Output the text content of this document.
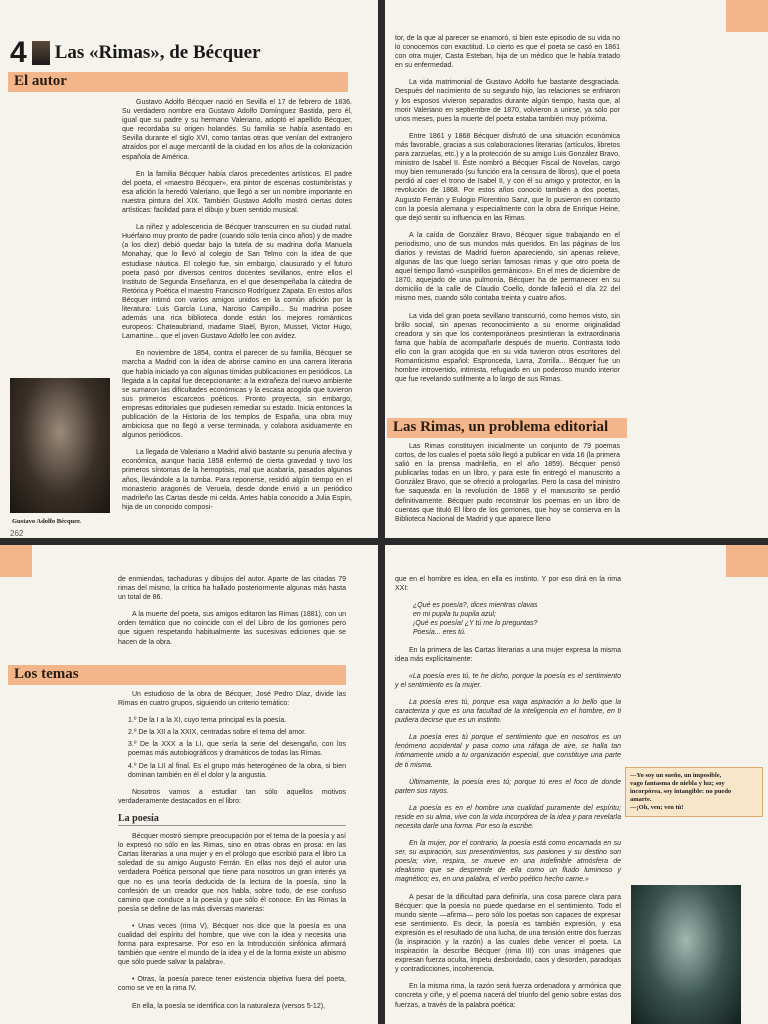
4 Las «Rimas», de Bécquer
El autor

Gustavo Adolfo Bécquer nació en Sevilla el 17 de febrero de 1836. Su verdadero nombre era Gustavo Adolfo Domínguez Bastida, pero él, igual que su padre y su hermano Valeriano, adoptó el apellido Bécquer, que recordaba su origen holandés. Su familia se había asentado en Sevilla durante el siglo XVI, como tantas otras que venían del extranjero atraídos por el auge mercantil de la ciudad en los años de la colonización española de América.

En la familia Bécquer había claros precedentes artísticos. El padre del poeta, el «maestro Bécquer», era pintor de escenas costumbristas y esa afición la heredó Valeriano, que llegó a ser un nombre importante en nuestra pintura del XIX. También Gustavo Adolfo mostró ciertas dotes artísticas: facilidad para el dibujo y buen sentido musical.

La niñez y adolescencia de Bécquer transcurren en su ciudad natal. Huérfano muy pronto de padre (cuando sólo tenía cinco años) y de madre (a los diez) debió quedar bajo la tutela de su madrina doña Manuela Monahay, que lo llevó al colegio de San Telmo con la idea de que estudiase náutica. El colegio fue, sin embargo, clausurado y el futuro poeta pasó por diversos centros docentes sevillanos, entre ellos el Instituto de Segunda Enseñanza, en el que desempeñaba la cátedra de Retórica y Poética el maestro Francisco Rodríguez Zapata. En estos años Bécquer intimó con varios amigos unidos en la común afición por la literatura: Luis García Luna, Narciso Campillo... Su madrina posee además una rica biblioteca donde están los mejores románticos europeos: Chateaubriand, madame Staël, Byron, Musset, Victor Hugo, Lamartine... que el joven Gustavo Adolfo lee con avidez.

En noviembre de 1854, contra el parecer de su familia, Bécquer se marcha a Madrid con la idea de abrirse camino en una carrera literaria que había iniciado ya con algunas tímidas publicaciones en periódicos. La llegada a la capital fue decepcionante: a la extrañeza del nuevo ambiente se sumaron las dificultades económicas y la escasa acogida que tuvieron sus primeros escarceos poéticos. Pronto proyecta, sin embargo, empresas editoriales que pudiesen remediar su estado. Inicia entonces la publicación de la Historia de los templos de España, una obra muy ambiciosa que no llegó a verse terminada, y colabora asiduamente en algunos periódicos.

La llegada de Valeriano a Madrid alivió bastante su penuria afectiva y económica, aunque hacia 1858 enfermó de cierta gravedad y tuvo los primeros síntomas de la hemoptisis, mal que acabaría, pasados algunos años, llevándole a la tumba. Para reponerse, residió algún tiempo en el monasterio aragonés de Veruela, desde donde envió a un periódico madrileño las Cartas desde mi celda. Antes había conocido a Julia Espín, hija de un conocido composi-

Gustavo Adolfo Bécquer.
262

tor, de la que al parecer se enamoró, si bien este episodio de su vida no lo conocemos con exactitud. Lo cierto es que el poeta se casó en 1861 con otra mujer, Casta Esteban, hija de un médico que le había tratado en su enfermedad.

La vida matrimonial de Gustavo Adolfo fue bastante desgraciada. Después del nacimiento de su segundo hijo, las relaciones se enfriaron y los esposos vivieron separados durante algún tiempo, hasta que, al morir Valeriano en septiembre de 1870, volvieron a unirse, ya sólo por unos meses, pues la muerte del poeta estaba también muy próxima.

Entre 1861 y 1868 Bécquer disfrutó de una situación económica más favorable, gracias a sus colaboraciones literarias (artículos, libretos para zarzuelas, etc.) y a la protección de su amigo Luis González Bravo, ministro de Isabel II. Éste nombró a Bécquer Fiscal de Novelas, cargo muy bien remunerado (su función era la censura de libros), que el poeta perdió al caer el trono de Isabel II, y con él su amigo y protector, en la revolución de 1868. Por estos años conoció también a dos poetas, Augusto Ferrán y Eulogio Florentino Sanz, que lo pusieron en contacto con la poesía alemana y especialmente con la obra de Enrique Heine, que dejó sentir su influencia en las Rimas.

A la caída de González Bravo, Bécquer sigue trabajando en el periodismo, uno de sus mundos más queridos. En las páginas de los diarios y revistas de Madrid fueron apareciendo, sin apenas relieve, algunas de las que luego serían famosas rimas y que otro poeta de aquel tiempo llamó «suspirillos germánicos». En el mes de diciembre de 1870, aquejado de una pulmonía, Bécquer ha de permanecer en su domicilio de la calle de Claudio Coello, donde falleció el día 22 del mismo mes, cuando sólo contaba treinta y cuatro años.

La vida del gran poeta sevillano transcurrió, como hemos visto, sin brillo social, sin apenas reconocimiento a su enorme originalidad creadora y sin que los contemporáneos presintieran la extraordinaria fama que había de acompañarle después de muerto. Contrasta todo ello con la gran acogida que en su vida tuvieron otros escritores del Romanticismo español: Espronceda, Larra, Zorrilla... Bécquer fue un hombre introvertido, intimista, refugiado en un poderoso mundo interior que fue revelando sutilmente a lo largo de sus Rimas.

Las Rimas, un problema editorial

Las Rimas constituyen inicialmente un conjunto de 79 poemas cortos, de los cuales el poeta sólo llegó a publicar en vida 16 (la primera salió en la prensa madrileña, en el año 1859). Bécquer pensó publicarlas todas en un libro, y para este fin entregó el manuscrito a González Bravo, que se ofreció a prologarlas. Pero la casa del ministro fue saqueada en la revolución de 1868 y el manuscrito se perdió definitivamente. Bécquer pudo reconstruir los poemas en un libro de cuentas que tituló El libro de los gorriones, que hoy se conserva en la Biblioteca Nacional de Madrid y que aparece lleno

de enmiendas, tachaduras y dibujos del autor. Aparte de las citadas 79 rimas del mismo, la crítica ha hallado posteriormente algunas más hasta un total de 86.

A la muerte del poeta, sus amigos editaron las Rimas (1881), con un orden temático que no coincide con el del Libro de los gorriones pero que siguen respetando habitualmente las sucesivas ediciones que se hacen de la obra.

Los temas

Un estudioso de la obra de Bécquer, José Pedro Díaz, divide las Rimas en cuatro grupos, siguiendo un criterio temático:

1.º De la I a la XI, cuyo tema principal es la poesía.
2.º De la XII a la XXIX, centradas sobre el tema del amor.
3.º De la XXX a la LI, que sería la serie del desengaño, con los poemas más autobiográficos y dramáticos de todas las Rimas.
4.º De la LII al final. Es el grupo más heterogéneo de la obra, si bien dominan también en él el dolor y la angustia.

Nosotros vamos a estudiar tan sólo aquellos motivos verdaderamente destacados en el libro:

La poesía

Bécquer mostró siempre preocupación por el tema de la poesía y así lo expresó no sólo en las Rimas, sino en otras obras en prosa: en las Cartas literarias a una mujer y en el prólogo que escribió para el libro La soledad de su amigo Augusto Ferrán. En ellas nos dejó el autor una verdadera Poética personal que tiene para nosotros un gran interés ya que no es una teoría deducida de la lectura de la poesía, sino la confesión de un creador que nos habla, sobre todo, de ese confuso camino que conduce a la poesía y que sólo él conoce. En las Rimas la poesía se define de las más diversas maneras:

• Unas veces (rima V), Bécquer nos dice que la poesía es una cualidad del espíritu del hombre, que vive con la idea y necesita una forma para expresarse. Por eso en la Introducción sinfónica afirmará también que «entre el mundo de la idea y el de la forma existe un abismo que sólo puede salvar la palabra».

• Otras, la poesía parece tener existencia objetiva fuera del poeta, como se ve en la rima IV.

En ella, la poesía se identifica con la naturaleza (versos 5-12),

que en el hombre es idea, en ella es instinto. Y por eso dirá en la rima XXI:

¿Qué es poesía?, dices mientras clavas
en mi pupila tu pupila azul;
¡Qué es poesía! ¿Y tú me lo preguntas?
Poesía... eres tú.

En la primera de las Cartas literarias a una mujer expresa la misma idea más explícitamente:

«La poesía eres tú, te he dicho, porque la poesía es el sentimiento y el sentimiento es la mujer.

La poesía eres tú, porque esa vaga aspiración a lo bello que la caracteriza y que es una facultad de la inteligencia en el hombre, en ti pudiera decirse que es un instinto.

La poesía eres tú porque el sentimiento que en nosotros es un fenómeno accidental y pasa como una ráfaga de aire, se halla tan íntimamente unido a tu organización especial, que constituye una parte de ti misma.

Últimamente, la poesía eres tú; porque tú eres el foco de donde parten sus rayos.

La poesía es en el hombre una cualidad puramente del espíritu; reside en su alma, vive con la vida incorpórea de la idea y para revelarla necesita darle una forma. Por eso la escribe.

En la mujer, por el contrario, la poesía está como encarnada en su ser, su aspiración, sus presentimientos, sus pasiones y su destino son poesía; vive, respira, se mueve en una indefinible atmósfera de idealismo que se desprende de ella como un fluido luminoso y magnético; es, en una palabra, el verbo poético hecho carne.»

A pesar de la dificultad para definirla, una cosa parece clara para Bécquer: que la poesía no puede quedarse en el sentimiento. Todo el mundo siente —afirma— pero sólo los poetas son capaces de expresar ese sentimiento. Es decir, la poesía es también expresión, y esa expresión es el resultado de una lucha, de una tensión entre dos fuerzas (la inspiración y la razón) a las cuales debe vencer el poeta. La inspiración la describe Bécquer (rima III) con unas imágenes que expresan fuerza oculta, ímpetu desbordado, caos y desorden, paradojas y contradicciones, incoherencia.

En la misma rima, la razón será fuerza ordenadora y armónica que concreta y ciñe, y el poema nacerá del triunfo del genio sobre estas dos fuerzas, a través de la palabra poética:

—Yo soy un sueño, un imposible,
vago fantasma de niebla y luz; soy
incorpórea, soy intangible: no puedo
amarte.
—¡Oh, ven; ven tú!
